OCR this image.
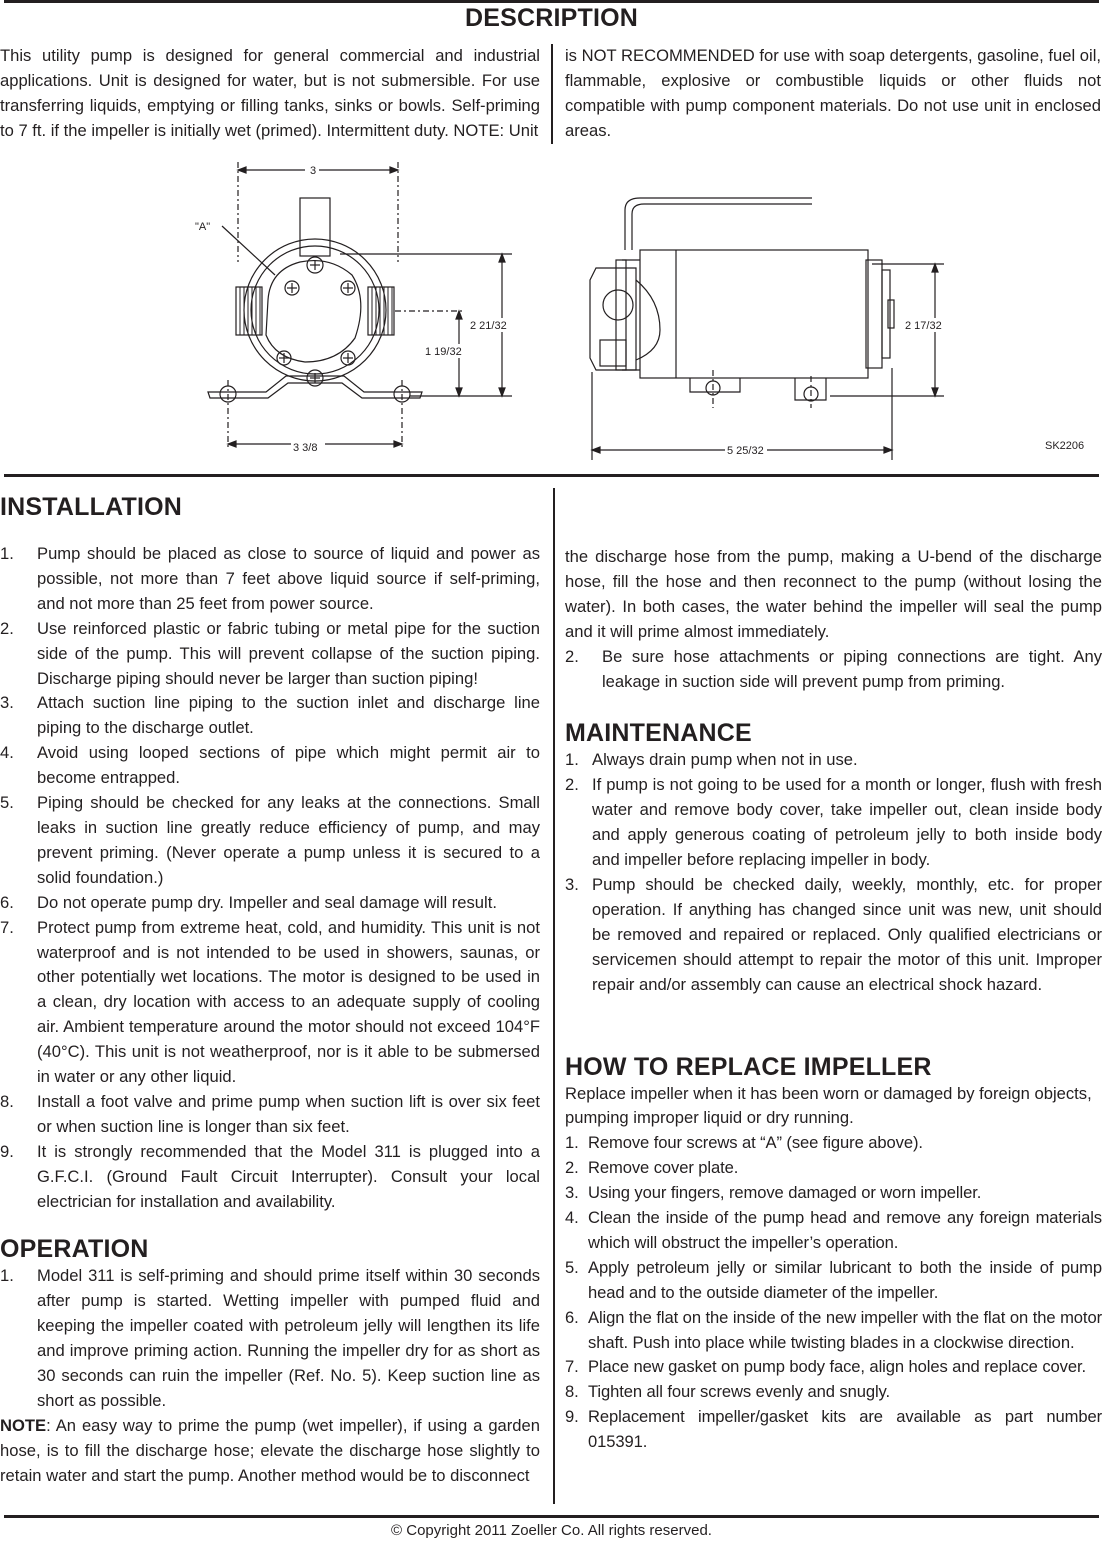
DESCRIPTION
This utility pump is designed for general commercial and industrial applications. Unit is designed for water, but is not submersible. For use transferring liquids, emptying or filling tanks, sinks or bowls. Self-priming to 7 ft. if the impeller is initially wet (primed). Intermittent duty. NOTE: Unit
is NOT RECOMMENDED for use with soap detergents, gasoline, fuel oil, flammable, explosive or combustible liquids or other fluids not compatible with pump component materials. Do not use unit in enclosed areas.
3
"A"
2 21/32
1 19/32
3 3/8
2 17/32
5 25/32	SK2206
INSTALLATION
1. Pump should be placed as close to source of liquid and power as possible, not more than 7 feet above liquid source if self-priming, and not more than 25 feet from power source.
2. Use reinforced plastic or fabric tubing or metal pipe for the suction side of the pump. This will prevent collapse of the suction piping. Discharge piping should never be larger than suction piping!
3. Attach suction line piping to the suction inlet and discharge line piping to the discharge outlet.
4. Avoid using looped sections of pipe which might permit air to become entrapped.
5. Piping should be checked for any leaks at the connections. Small leaks in suction line greatly reduce efficiency of pump, and may prevent priming. (Never operate a pump unless it is secured to a solid foundation.)
6. Do not operate pump dry. Impeller and seal damage will result.
7. Protect pump from extreme heat, cold, and humidity. This unit is not waterproof and is not intended to be used in showers, saunas, or other potentially wet locations. The motor is designed to be used in a clean, dry location with access to an adequate supply of cooling air. Ambient temperature around the motor should not exceed 104°F (40°C). This unit is not weatherproof, nor is it able to be submersed in water or any other liquid.
8. Install a foot valve and prime pump when suction lift is over six feet or when suction line is longer than six feet.
9. It is strongly recommended that the Model 311 is plugged into a G.F.C.I. (Ground Fault Circuit Interrupter). Consult your local electrician for installation and availability.
OPERATION
1. Model 311 is self-priming and should prime itself within 30 seconds after pump is started. Wetting impeller with pumped fluid and keeping the impeller coated with petroleum jelly will lengthen its life and improve priming action. Running the impeller dry for as short as 30 seconds can ruin the impeller (Ref. No. 5). Keep suction line as short as possible.
NOTE: An easy way to prime the pump (wet impeller), if using a garden hose, is to fill the discharge hose; elevate the discharge hose slightly to retain water and start the pump. Another method would be to disconnect
the discharge hose from the pump, making a U-bend of the discharge hose, fill the hose and then reconnect to the pump (without losing the water). In both cases, the water behind the impeller will seal the pump and it will prime almost immediately.
2. Be sure hose attachments or piping connections are tight. Any leakage in suction side will prevent pump from priming.
MAINTENANCE
1. Always drain pump when not in use.
2. If pump is not going to be used for a month or longer, flush with fresh water and remove body cover, take impeller out, clean inside body and apply generous coating of petroleum jelly to both inside body and impeller before replacing impeller in body.
3. Pump should be checked daily, weekly, monthly, etc. for proper operation. If anything has changed since unit was new, unit should be removed and repaired or replaced. Only qualified electricians or servicemen should attempt to repair the motor of this unit. Improper repair and/or assembly can cause an electrical shock hazard.
HOW TO REPLACE IMPELLER
Replace impeller when it has been worn or damaged by foreign objects, pumping improper liquid or dry running.
1. Remove four screws at “A” (see figure above).
2. Remove cover plate.
3. Using your fingers, remove damaged or worn impeller.
4. Clean the inside of the pump head and remove any foreign materials which will obstruct the impeller’s operation.
5. Apply petroleum jelly or similar lubricant to both the inside of pump head and to the outside diameter of the impeller.
6. Align the flat on the inside of the new impeller with the flat on the motor shaft. Push into place while twisting blades in a clockwise direction.
7. Place new gasket on pump body face, align holes and replace cover.
8. Tighten all four screws evenly and snugly.
9. Replacement impeller/gasket kits are available as part number 015391.
© Copyright 2011 Zoeller Co. All rights reserved.
